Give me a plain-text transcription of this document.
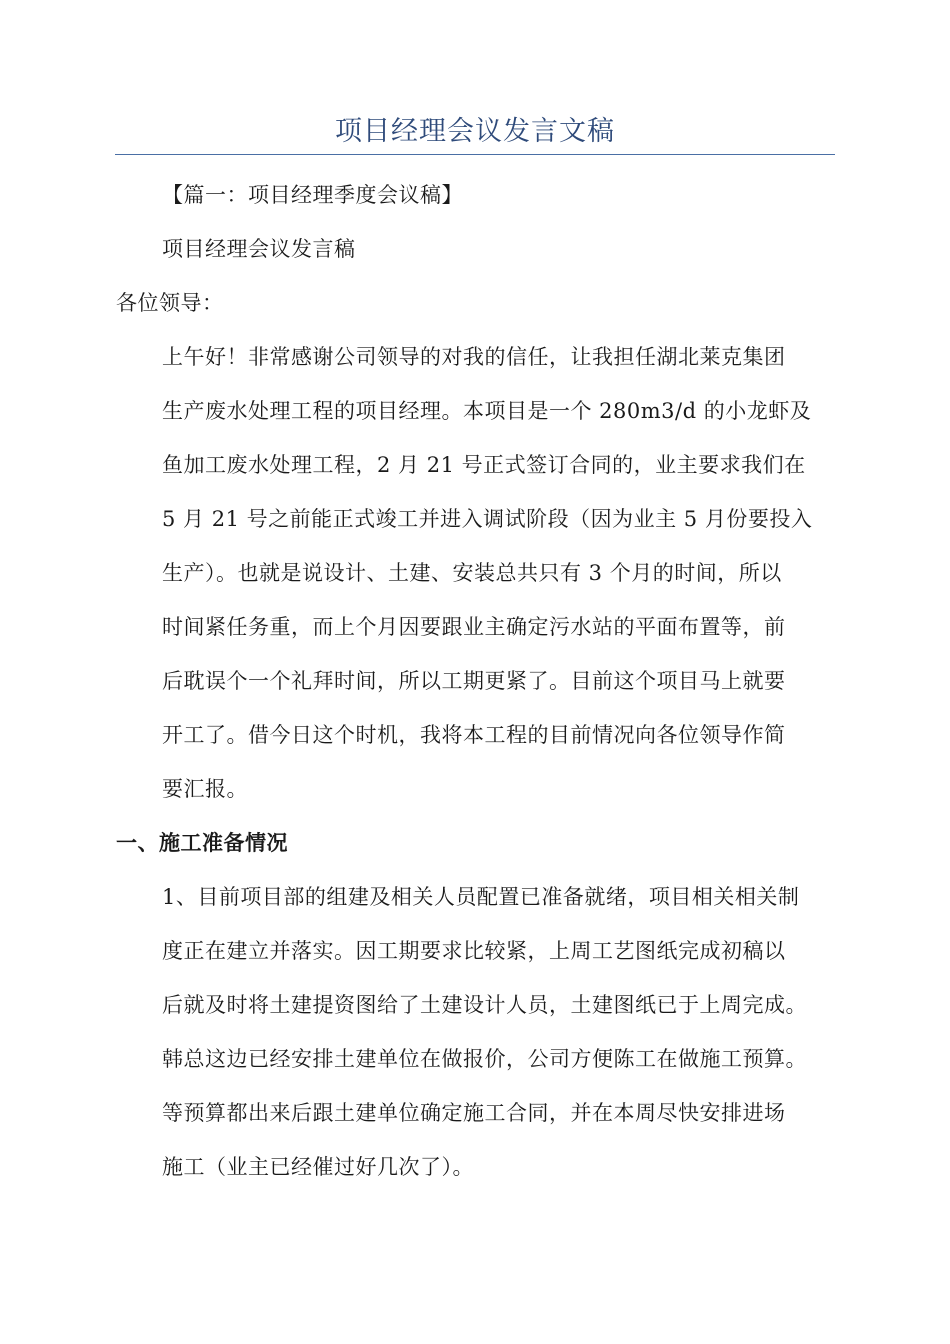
项目经理会议发言文稿
【篇一：项目经理季度会议稿】
项目经理会议发言稿
各位领导：
上午好！非常感谢公司领导的对我的信任，让我担任湖北莱克集团
生产废水处理工程的项目经理。本项目是一个 280m3/d 的小龙虾及
鱼加工废水处理工程，2 月 21 号正式签订合同的，业主要求我们在
5 月 21 号之前能正式竣工并进入调试阶段（因为业主 5 月份要投入
生产）。也就是说设计、土建、安装总共只有 3 个月的时间，所以
时间紧任务重，而上个月因要跟业主确定污水站的平面布置等，前
后耽误个一个礼拜时间，所以工期更紧了。目前这个项目马上就要
开工了。借今日这个时机，我将本工程的目前情况向各位领导作简
要汇报。
一、施工准备情况
1、目前项目部的组建及相关人员配置已准备就绪，项目相关相关制
度正在建立并落实。因工期要求比较紧，上周工艺图纸完成初稿以
后就及时将土建提资图给了土建设计人员，土建图纸已于上周完成。
韩总这边已经安排土建单位在做报价，公司方便陈工在做施工预算。
等预算都出来后跟土建单位确定施工合同，并在本周尽快安排进场
施工（业主已经催过好几次了）。
